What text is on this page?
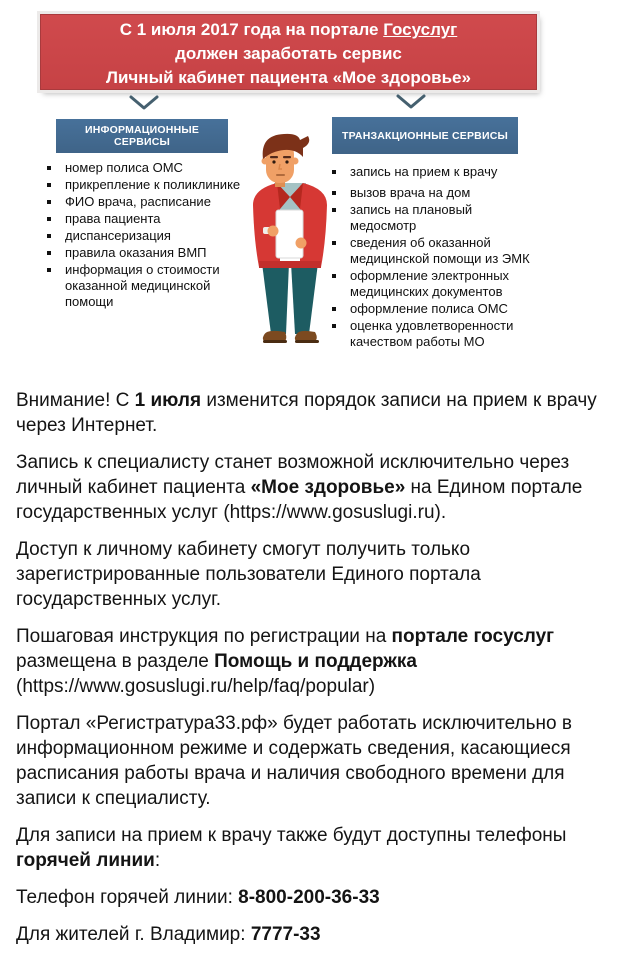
С 1 июля 2017 года на портале Госуслуг
должен заработать сервис
Личный кабинет пациента «Мое здоровье»
ИНФОРМАЦИОННЫЕ СЕРВИСЫ
ТРАНЗАКЦИОННЫЕ СЕРВИСЫ
номер полиса ОМС
прикрепление к поликлинике
ФИО врача, расписание
права пациента
диспансеризация
правила оказания ВМП
информация о стоимости оказанной медицинской помощи
запись на прием к врачу
вызов врача на дом
запись на плановый медосмотр
сведения об оказанной медицинской помощи из ЭМК
оформление электронных медицинских документов
оформление полиса ОМС
оценка удовлетворенности качеством работы МО

Внимание! С 1 июля изменится порядок записи на прием к врачу через Интернет.

Запись к специалисту станет возможной исключительно через личный кабинет пациента «Мое здоровье» на Едином портале государственных услуг (https://www.gosuslugi.ru).

Доступ к личному кабинету смогут получить только зарегистрированные пользователи Единого портала государственных услуг.

Пошаговая инструкция по регистрации на портале госуслуг размещена в разделе Помощь и поддержка (https://www.gosuslugi.ru/help/faq/popular)

Портал «Регистратура33.рф» будет работать исключительно в информационном режиме и содержать сведения, касающиеся расписания работы врача и наличия свободного времени для записи к специалисту.

Для записи на прием к врачу также будут доступны телефоны горячей линии:

Телефон горячей линии: 8-800-200-36-33

Для жителей г. Владимир: 7777-33
